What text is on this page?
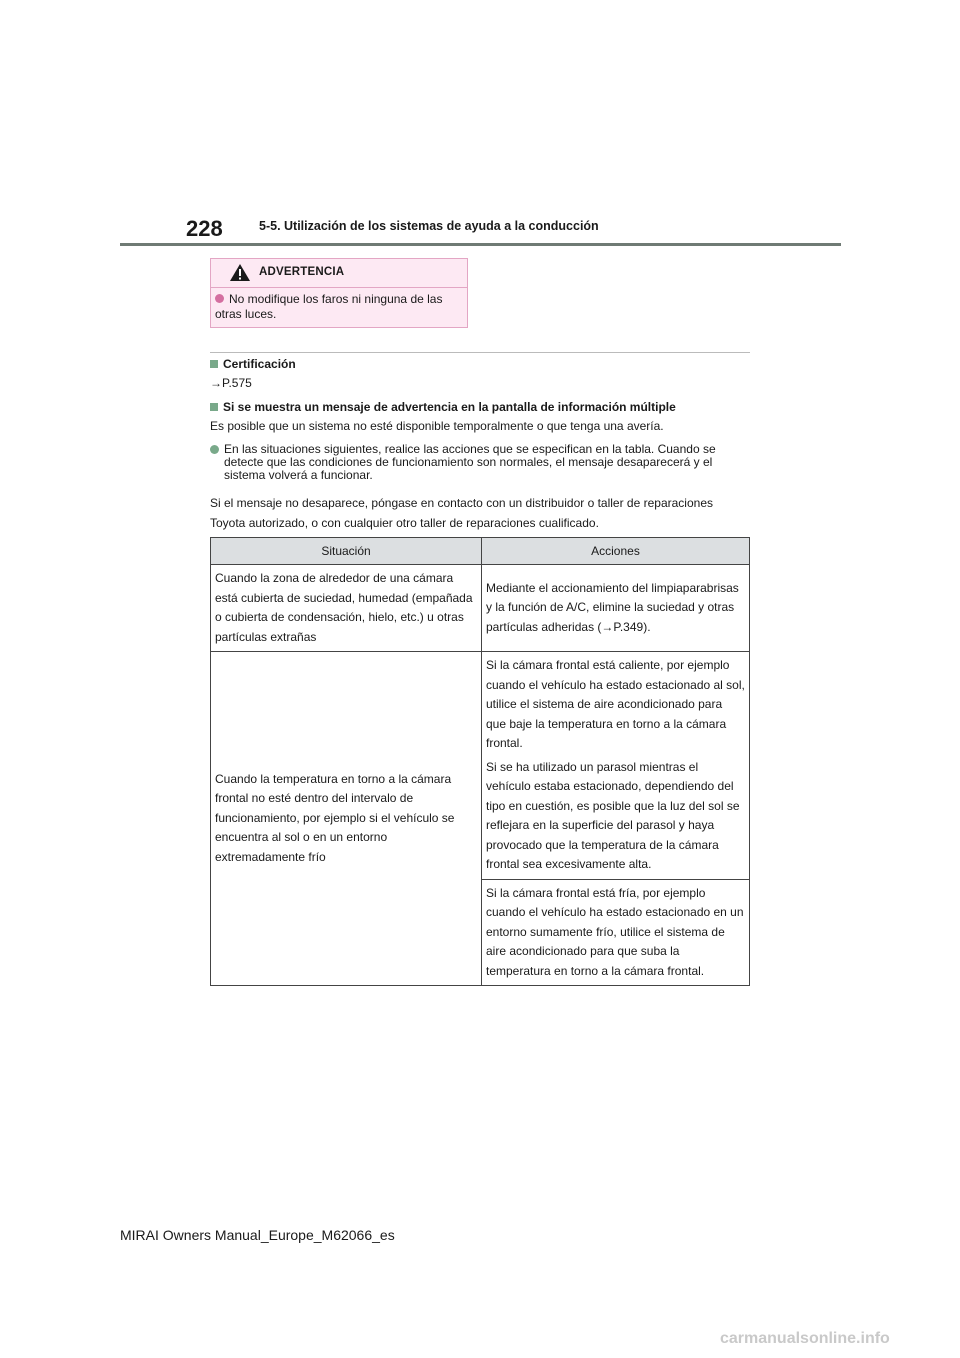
228	5-5. Utilización de los sistemas de ayuda a la conducción
ADVERTENCIA
No modifique los faros ni ninguna de las otras luces.
Certificación
→P.575
Si se muestra un mensaje de advertencia en la pantalla de información múltiple
Es posible que un sistema no esté disponible temporalmente o que tenga una avería.
En las situaciones siguientes, realice las acciones que se especifican en la tabla. Cuando se detecte que las condiciones de funcionamiento son normales, el mensaje desaparecerá y el sistema volverá a funcionar.
Si el mensaje no desaparece, póngase en contacto con un distribuidor o taller de reparaciones Toyota autorizado, o con cualquier otro taller de reparaciones cualificado.
Situación	Acciones
Cuando la zona de alrededor de una cámara está cubierta de suciedad, humedad (empañada o cubierta de condensación, hielo, etc.) u otras partículas extrañas	Mediante el accionamiento del limpiaparabrisas y la función de A/C, elimine la suciedad y otras partículas adheridas (→P.349).
Cuando la temperatura en torno a la cámara frontal no esté dentro del intervalo de funcionamiento, por ejemplo si el vehículo se encuentra al sol o en un entorno extremadamente frío	Si la cámara frontal está caliente, por ejemplo cuando el vehículo ha estado estacionado al sol, utilice el sistema de aire acondicionado para que baje la temperatura en torno a la cámara frontal.

Si se ha utilizado un parasol mientras el vehículo estaba estacionado, dependiendo del tipo en cuestión, es posible que la luz del sol se reflejara en la superficie del parasol y haya provocado que la temperatura de la cámara frontal sea excesivamente alta.

	Si la cámara frontal está fría, por ejemplo cuando el vehículo ha estado estacionado en un entorno sumamente frío, utilice el sistema de aire acondicionado para que suba la temperatura en torno a la cámara frontal.
MIRAI Owners Manual_Europe_M62066_es
carmanualsonline.info
